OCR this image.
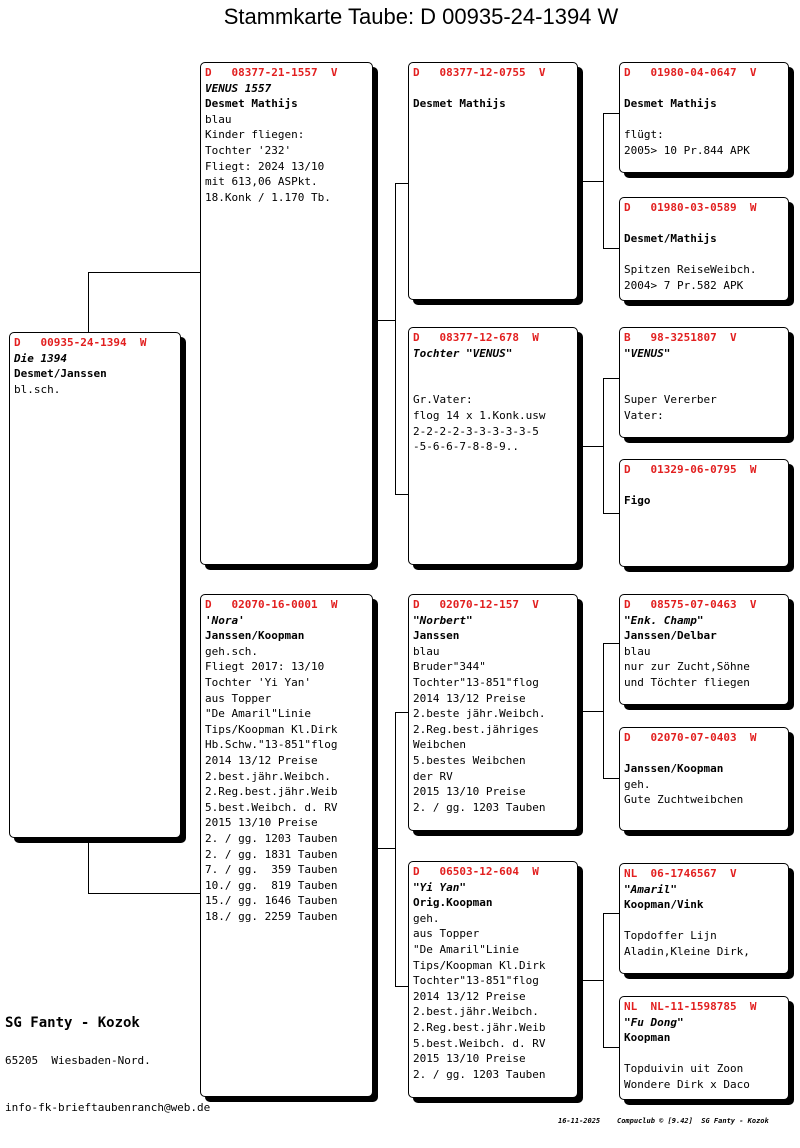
Stammkarte Taube: D 00935-24-1394 W
D   00935-24-1394  W
Die 1394
Desmet/Janssen
bl.sch.
D   08377-21-1557  V
VENUS 1557
Desmet Mathijs
blau
Kinder fliegen:
Tochter '232'
Fliegt: 2024 13/10
mit 613,06 ASPkt.
18.Konk / 1.170 Tb.
D   02070-16-0001  W
'Nora'
Janssen/Koopman
geh.sch.
Fliegt 2017: 13/10
Tochter 'Yi Yan'
aus Topper
"De Amaril"Linie
Tips/Koopman Kl.Dirk
Hb.Schw."13-851"flog
2014 13/12 Preise
2.best.jähr.Weibch.
2.Reg.best.jähr.Weib
5.best.Weibch. d. RV
2015 13/10 Preise
2. / gg. 1203 Tauben
2. / gg. 1831 Tauben
7. / gg.  359 Tauben
10./ gg.  819 Tauben
15./ gg. 1646 Tauben
18./ gg. 2259 Tauben
D   08377-12-0755  V
Desmet Mathijs
D   08377-12-678  W
Tochter "VENUS"
Gr.Vater:
flog 14 x 1.Konk.usw
2-2-2-2-3-3-3-3-3-5
-5-6-6-7-8-8-9..
D   02070-12-157  V
"Norbert"
Janssen
blau
Bruder"344"
Tochter"13-851"flog
2014 13/12 Preise
2.beste jähr.Weibch.
2.Reg.best.jähriges
Weibchen
5.bestes Weibchen
der RV
2015 13/10 Preise
2. / gg. 1203 Tauben
D   06503-12-604  W
"Yi Yan"
Orig.Koopman
geh.
aus Topper
"De Amaril"Linie
Tips/Koopman Kl.Dirk
Tochter"13-851"flog
2014 13/12 Preise
2.best.jähr.Weibch.
2.Reg.best.jähr.Weib
5.best.Weibch. d. RV
2015 13/10 Preise
2. / gg. 1203 Tauben
D   01980-04-0647  V
Desmet Mathijs
flügt:
2005> 10 Pr.844 APK
D   01980-03-0589  W
Desmet/Mathijs
Spitzen ReiseWeibch.
2004> 7 Pr.582 APK
B   98-3251807  V
"VENUS"
Super Vererber
Vater:
D   01329-06-0795  W
Figo
D   08575-07-0463  V
"Enk. Champ"
Janssen/Delbar
blau
nur zur Zucht,Söhne
und Töchter fliegen
D   02070-07-0403  W
Janssen/Koopman
geh.
Gute Zuchtweibchen
NL  06-1746567  V
"Amaril"
Koopman/Vink
Topdoffer Lijn
Aladin,Kleine Dirk,
NL  NL-11-1598785  W
"Fu Dong"
Koopman
Topduivin uit Zoon
Wondere Dirk x Daco
SG Fanty - Kozok
65205  Wiesbaden-Nord.
info-fk-brieftaubenranch@web.de
16-11-2025    Compuclub © [9.42]  SG Fanty - Kozok
